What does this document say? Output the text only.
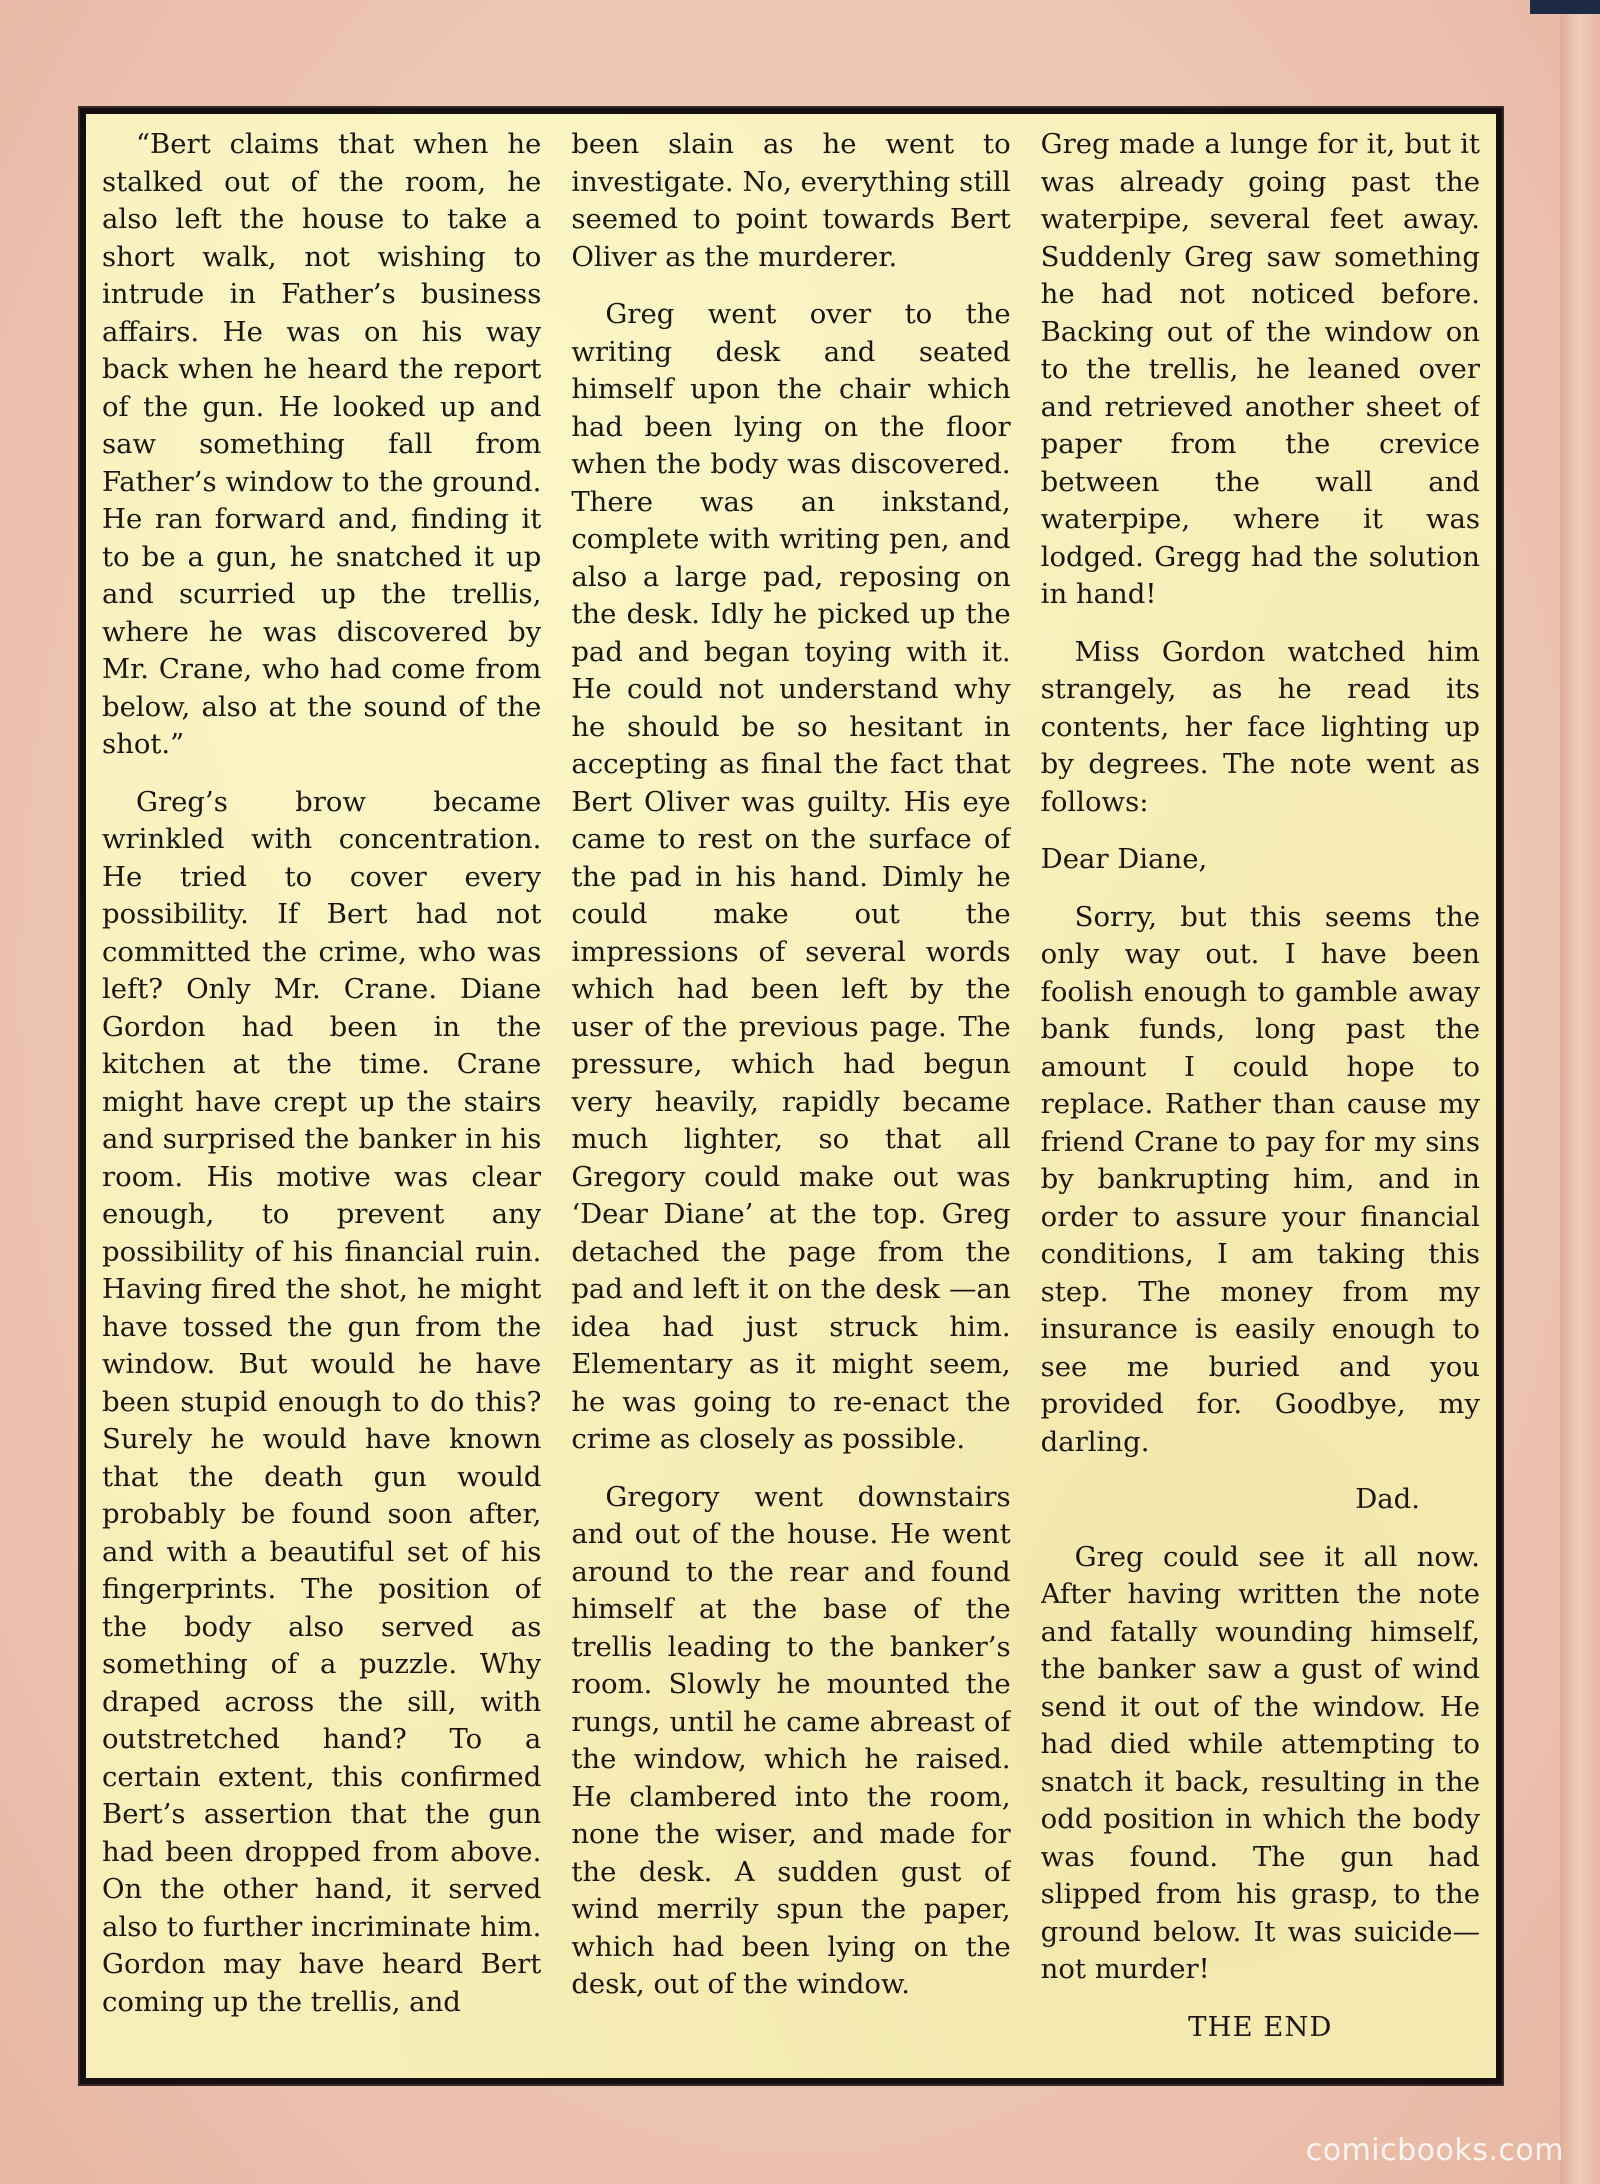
“Bert claims that when he stalked out of the room, he also left the house to take a short walk, not wishing to intrude in Father’s business affairs. He was on his way back when he heard the report of the gun. He looked up and saw something fall from Father’s window to the ground. He ran forward and, finding it to be a gun, he snatched it up and scurried up the trellis, where he was discovered by Mr. Crane, who had come from below, also at the sound of the shot.”

Greg’s brow became wrinkled with concentration. He tried to cover every possibility. If Bert had not committed the crime, who was left? Only Mr. Crane. Diane Gordon had been in the kitchen at the time. Crane might have crept up the stairs and surprised the banker in his room. His motive was clear enough, to prevent any possibility of his financial ruin. Having fired the shot, he might have tossed the gun from the window. But would he have been stupid enough to do this? Surely he would have known that the death gun would probably be found soon after, and with a beautiful set of his fingerprints. The position of the body also served as something of a puzzle. Why draped across the sill, with outstretched hand? To a certain extent, this confirmed Bert’s assertion that the gun had been dropped from above. On the other hand, it served also to further incriminate him. Gordon may have heard Bert coming up the trellis, and

been slain as he went to investigate. No, everything still seemed to point towards Bert Oliver as the murderer.

Greg went over to the writing desk and seated himself upon the chair which had been lying on the floor when the body was discovered. There was an inkstand, complete with writing pen, and also a large pad, reposing on the desk. Idly he picked up the pad and began toying with it. He could not understand why he should be so hesitant in accepting as final the fact that Bert Oliver was guilty. His eye came to rest on the surface of the pad in his hand. Dimly he could make out the impressions of several words which had been left by the user of the previous page. The pressure, which had begun very heavily, rapidly became much lighter, so that all Gregory could make out was ‘Dear Diane’ at the top. Greg detached the page from the pad and left it on the desk —an idea had just struck him. Elementary as it might seem, he was going to re-enact the crime as closely as possible.

Gregory went downstairs and out of the house. He went around to the rear and found himself at the base of the trellis leading to the banker’s room. Slowly he mounted the rungs, until he came abreast of the window, which he raised. He clambered into the room, none the wiser, and made for the desk. A sudden gust of wind merrily spun the paper, which had been lying on the desk, out of the window.

Greg made a lunge for it, but it was already going past the waterpipe, several feet away. Suddenly Greg saw something he had not noticed before. Backing out of the window on to the trellis, he leaned over and retrieved another sheet of paper from the crevice between the wall and waterpipe, where it was lodged. Gregg had the solution in hand!

Miss Gordon watched him strangely, as he read its contents, her face lighting up by degrees. The note went as follows:

Dear Diane,

Sorry, but this seems the only way out. I have been foolish enough to gamble away bank funds, long past the amount I could hope to replace. Rather than cause my friend Crane to pay for my sins by bankrupting him, and in order to assure your financial conditions, I am taking this step. The money from my insurance is easily enough to see me buried and you provided for. Goodbye, my darling.

Dad.

Greg could see it all now. After having written the note and fatally wounding himself, the banker saw a gust of wind send it out of the window. He had died while attempting to snatch it back, resulting in the odd position in which the body was found. The gun had slipped from his grasp, to the ground below. It was suicide—not murder!

THE END

comicbooks.com
